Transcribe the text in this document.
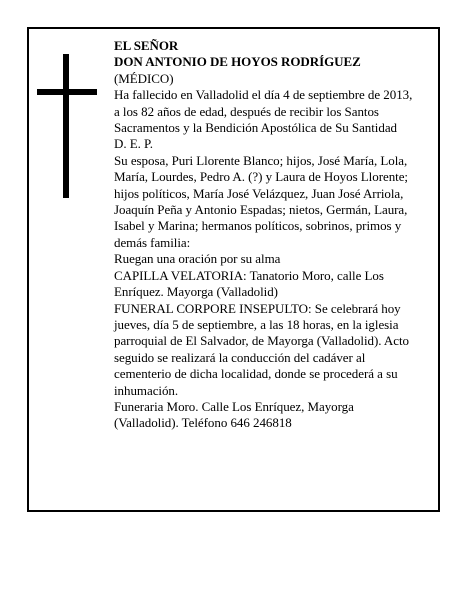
EL SEÑOR

DON ANTONIO DE HOYOS RODRÍGUEZ

(MÉDICO)

Ha fallecido en Valladolid el día 4 de septiembre de 2013, a los 82 años de edad, después de recibir los Santos Sacramentos y la Bendición Apostólica de Su Santidad

D. E. P.

Su esposa, Puri Llorente Blanco; hijos, José María, Lola, María, Lourdes, Pedro A. (?) y Laura de Hoyos Llorente; hijos políticos, María José Velázquez, Juan José Arriola, Joaquín Peña y Antonio Espadas; nietos, Germán, Laura, Isabel y Marina; hermanos políticos, sobrinos, primos y demás familia:

Ruegan una oración por su alma

CAPILLA VELATORIA: Tanatorio Moro, calle Los Enríquez. Mayorga (Valladolid)

FUNERAL CORPORE INSEPULTO: Se celebrará hoy jueves, día 5 de septiembre, a las 18 horas, en la iglesia parroquial de El Salvador, de Mayorga (Valladolid). Acto seguido se realizará la conducción del cadáver al cementerio de dicha localidad, donde se procederá a su inhumación.

Funeraria Moro. Calle Los Enríquez, Mayorga (Valladolid). Teléfono 646 246818
